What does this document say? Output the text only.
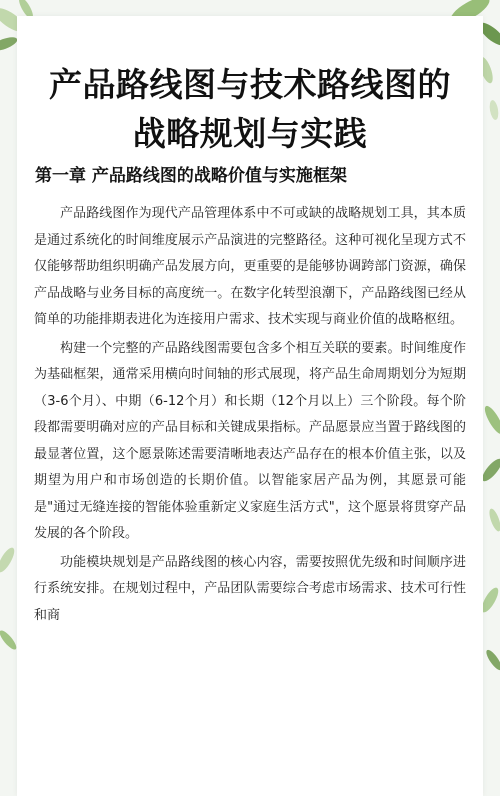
产品路线图与技术路线图的战略规划与实践
第一章 产品路线图的战略价值与实施框架

产品路线图作为现代产品管理体系中不可或缺的战略规划工具，其本质是通过系统化的时间维度展示产品演进的完整路径。这种可视化呈现方式不仅能够帮助组织明确产品发展方向，更重要的是能够协调跨部门资源，确保产品战略与业务目标的高度统一。在数字化转型浪潮下，产品路线图已经从简单的功能排期表进化为连接用户需求、技术实现与商业价值的战略枢纽。

构建一个完整的产品路线图需要包含多个相互关联的要素。时间维度作为基础框架，通常采用横向时间轴的形式展现，将产品生命周期划分为短期（3-6个月）、中期（6-12个月）和长期（12个月以上）三个阶段。每个阶段都需要明确对应的产品目标和关键成果指标。产品愿景应当置于路线图的最显著位置，这个愿景陈述需要清晰地表达产品存在的根本价值主张，以及期望为用户和市场创造的长期价值。以智能家居产品为例，其愿景可能是"通过无缝连接的智能体验重新定义家庭生活方式"，这个愿景将贯穿产品发展的各个阶段。

功能模块规划是产品路线图的核心内容，需要按照优先级和时间顺序进行系统安排。在规划过程中，产品团队需要综合考虑市场需求、技术可行性和商
